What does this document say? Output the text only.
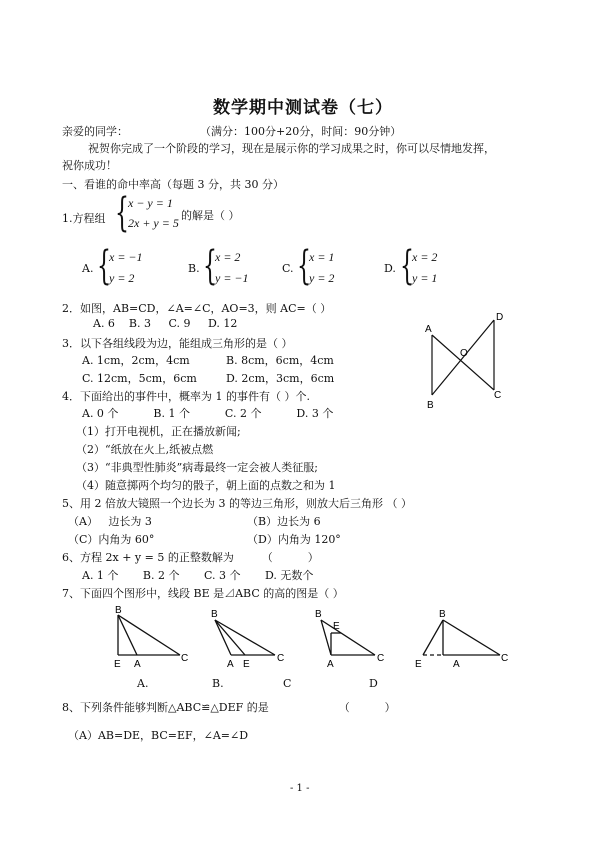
数学期中测试卷（七）
亲爱的同学：	（满分：100分+20分，时间：90分钟）
祝贺你完成了一个阶段的学习，现在是展示你的学习成果之时，你可以尽情地发挥，
祝你成功！
一、看谁的命中率高（每题 3 分，共 30 分）
1.方程组 { x − y = 1
2x + y = 5
的解是（ ）
A. {
x = −1
y = 2
B. {
x = 2
y = −1
C. {
x = 1
y = 2
D. {
x = 2
y = 1
2．如图，AB=CD，∠A=∠C，AO=3，则 AC=（ ）
A. 6    B. 3     C. 9     D. 12
3．以下各组线段为边，能组成三角形的是（ ）
A. 1cm，2cm，4cm	B. 8cm，6cm，4cm
C. 12cm，5cm，6cm	D. 2cm，3cm，6cm
A
B
C
D
O
4．下面给出的事件中，概率为 1 的事件有（ ）个.
A. 0 个          B. 1 个          C. 2 个          D. 3 个
（1）打开电视机，正在播放新闻;
（2）“纸放在火上,纸被点燃
（3）“非典型性肺炎”病毒最终一定会被人类征服;
（4）随意掷两个均匀的骰子，朝上面的点数之和为 1
5、用 2 倍放大镜照一个边长为 3 的等边三角形，则放大后三角形 （ ）
（A）   边长为 3	（B）边长为 6
（C）内角为 60°	（D）内角为 120°
6、方程 2x + y = 5 的正整数解为        （          ）
A. 1 个       B. 2 个       C. 3 个       D. 无数个
7、下面四个图形中，线段 BE 是⊿ABC 的高的图是（ ）
B
E A
C
B
A E
C
B
E
A
C
B
E	A
C
A.	B.	C	D
8、下列条件能够判断△ABC≌△DEF 的是                    （          ）
（A）AB=DE，BC=EF，∠A=∠D
- 1 -
